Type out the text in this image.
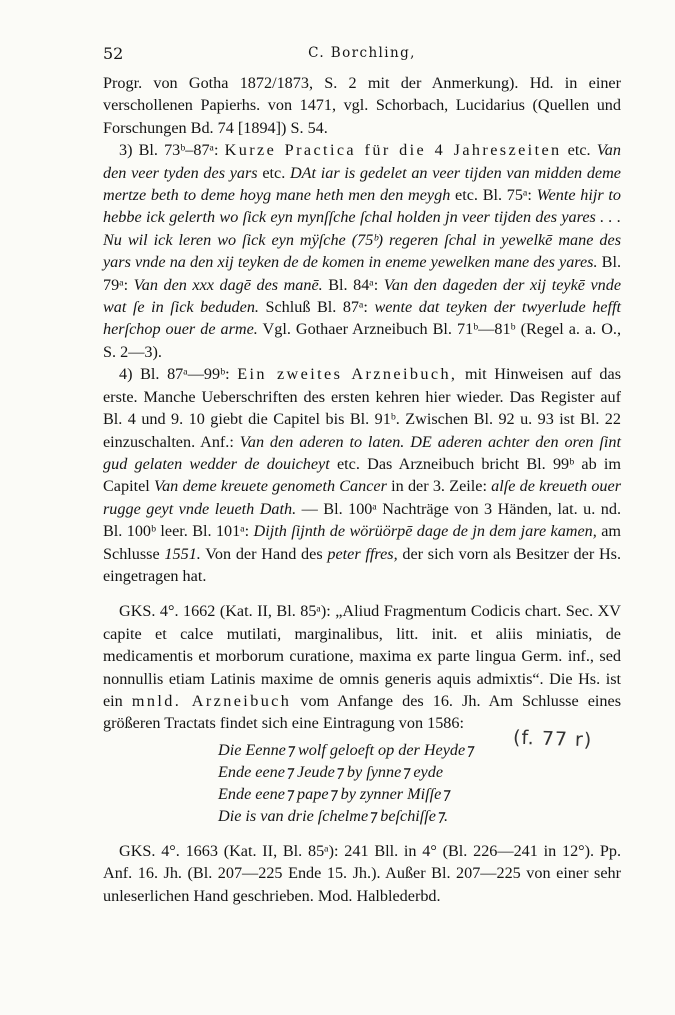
52	C. Borchling,

Progr. von Gotha 1872/1873, S. 2 mit der Anmerkung). Hd. in einer verschollenen Papierhs. von 1471, vgl. Schorbach, Lucidarius (Quellen und Forschungen Bd. 74 [1894]) S. 54.

3) Bl. 73ᵇ–87ᵃ: Kurze Practica für die 4 Jahreszeiten etc. Van den veer tyden des yars etc. DAt iar is gedelet an veer tijden van midden deme mertze beth to deme hoyg mane heth men den meygh etc. Bl. 75ᵃ: Wente hijr to hebbe ick gelerth wo ſick eyn mynſſche ſchal holden jn veer tijden des yares . . . Nu wil ick leren wo ſick eyn mÿſche (75ᵇ) regeren ſchal in yewelkē mane des yars vnde na den xij teyken de de komen in eneme yewelken mane des yares. Bl. 79ᵃ: Van den xxx dagē des manē. Bl. 84ᵃ: Van den dageden der xij teykē vnde wat ſe in ſick beduden. Schluß Bl. 87ᵃ: wente dat teyken der twyerlude hefft herſchop ouer de arme. Vgl. Gothaer Arzneibuch Bl. 71ᵇ—81ᵇ (Regel a. a. O., S. 2—3).

4) Bl. 87ᵃ—99ᵇ: Ein zweites Arzneibuch, mit Hinweisen auf das erste. Manche Ueberschriften des ersten kehren hier wieder. Das Register auf Bl. 4 und 9. 10 giebt die Capitel bis Bl. 91ᵇ. Zwischen Bl. 92 u. 93 ist Bl. 22 einzuschalten. Anf.: Van den aderen to laten. DE aderen achter den oren ſint gud gelaten wedder de douicheyt etc. Das Arzneibuch bricht Bl. 99ᵇ ab im Capitel Van deme kreuete genometh Cancer in der 3. Zeile: alſe de kreueth ouer rugge geyt vnde leueth Dath. — Bl. 100ᵃ Nachträge von 3 Händen, lat. u. nd. Bl. 100ᵇ leer. Bl. 101ᵃ: Dijth ſijnth de wörüörpē dage de jn dem jare kamen, am Schlusse 1551. Von der Hand des peter ffres, der sich vorn als Besitzer der Hs. eingetragen hat.

GKS. 4°. 1662 (Kat. II, Bl. 85ᵃ): „Aliud Fragmentum Codicis chart. Sec. XV capite et calce mutilati, marginalibus, litt. init. et aliis miniatis, de medicamentis et morborum curatione, maxima ex parte lingua Germ. inf., sed nonnullis etiam Latinis maxime de omnis generis aquis admixtis“. Die Hs. ist ein mnld. Arzneibuch vom Anfange des 16. Jh. Am Schlusse eines größeren Tractats findet sich eine Eintragung von 1586:

Die Eenne⁊ wolf geloeft op der Heyde⁊
Ende eene⁊ Jeude⁊ by ſynne⁊ eyde
Ende eene⁊ pape⁊ by zynner Miſſe⁊
Die is van drie ſchelme⁊ beſchiſſe⁊.

GKS. 4°. 1663 (Kat. II, Bl. 85ᵃ): 241 Bll. in 4° (Bl. 226—241 in 12°). Pp. Anf. 16. Jh. (Bl. 207—225 Ende 15. Jh.). Außer Bl. 207—225 von einer sehr unleserlichen Hand geschrieben. Mod. Halblederbd.

(f. 77 r)
